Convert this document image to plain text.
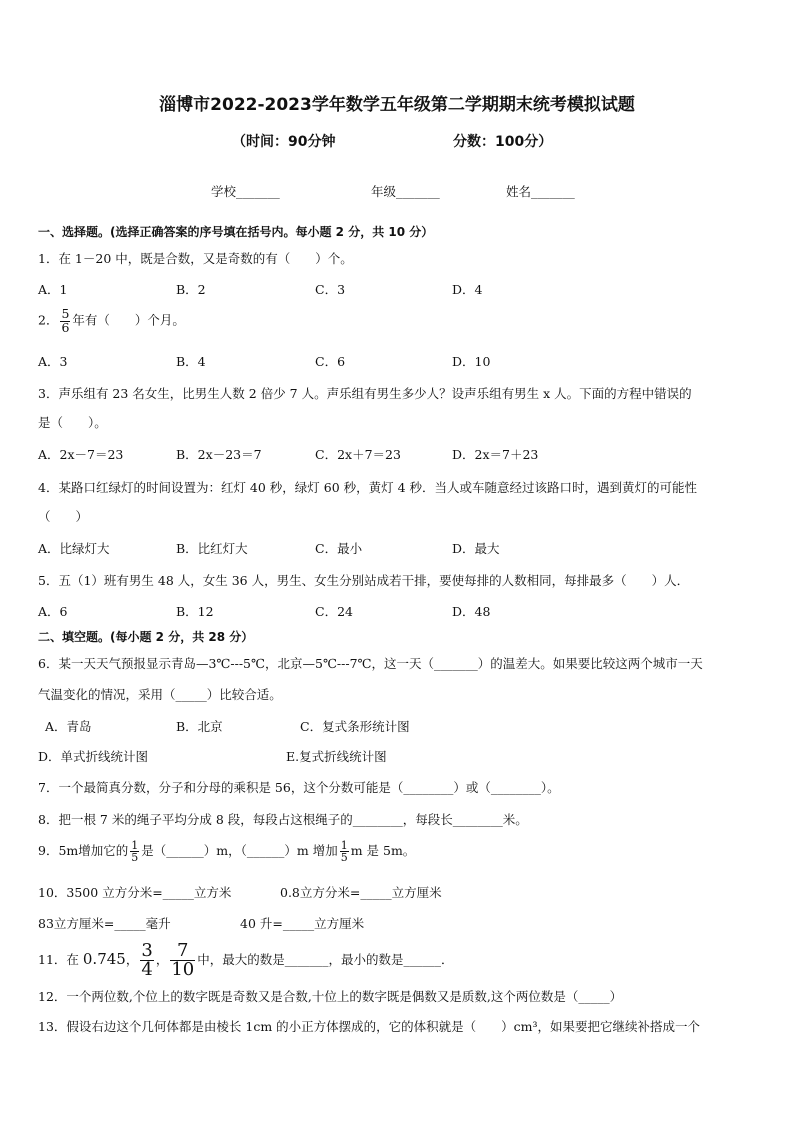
淄博市2022-2023学年数学五年级第二学期期末统考模拟试题
（时间：90分钟	分数：100分）
学校_______	年级_______	姓名_______
一、选择题。(选择正确答案的序号填在括号内。每小题 2 分，共 10 分）
1．在 1－20 中，既是合数，又是奇数的有（　　）个。
A．1	B．2	C．3	D．4
2． $\frac{5}{6}$ 年有（　　）个月。
A．3	B．4	C．6	D．10
3．声乐组有 23 名女生，比男生人数 2 倍少 7 人。声乐组有男生多少人？设声乐组有男生 x 人。下面的方程中错误的
是（　　）。
A．2x－7＝23	B．2x－23＝7	C．2x＋7＝23	D．2x＝7＋23
4．某路口红绿灯的时间设置为：红灯 40 秒，绿灯 60 秒，黄灯 4 秒．当人或车随意经过该路口时，遇到黄灯的可能性
（　　）
A．比绿灯大	B．比红灯大	C．最小	D．最大
5．五（1）班有男生 48 人，女生 36 人，男生、女生分别站成若干排，要使每排的人数相同，每排最多（　　）人．
A．6	B．12	C．24	D．48
二、填空题。(每小题 2 分，共 28 分）
6．某一天天气预报显示青岛—3℃---5℃，北京—5℃---7℃，这一天（_______）的温差大。如果要比较这两个城市一天
气温变化的情况，采用（_____）比较合适。
A．青岛	B．北京	C．复式条形统计图
D．单式折线统计图	E.复式折线统计图
7．一个最简真分数，分子和分母的乘积是 56，这个分数可能是（________）或（________）。
8．把一根 7 米的绳子平均分成 8 段，每段占这根绳子的________，每段长________米。
9．5m增加它的 $\frac{1}{5}$ 是（______）m，（______）m 增加 $\frac{1}{5}$ m 是 5m。
10．3500 立方分米=_____立方米	0.8立方分米=_____立方厘米
83立方厘米=_____毫升	40 升=_____立方厘米
11．在 0.745， $\frac{3}{4}$ ， $\frac{7}{10}$ 中，最大的数是_______，最小的数是______．
12．一个两位数,个位上的数字既是奇数又是合数,十位上的数字既是偶数又是质数,这个两位数是（_____）
13．假设右边这个几何体都是由棱长 1cm 的小正方体摆成的，它的体积就是（　　）cm³，如果要把它继续补搭成一个
